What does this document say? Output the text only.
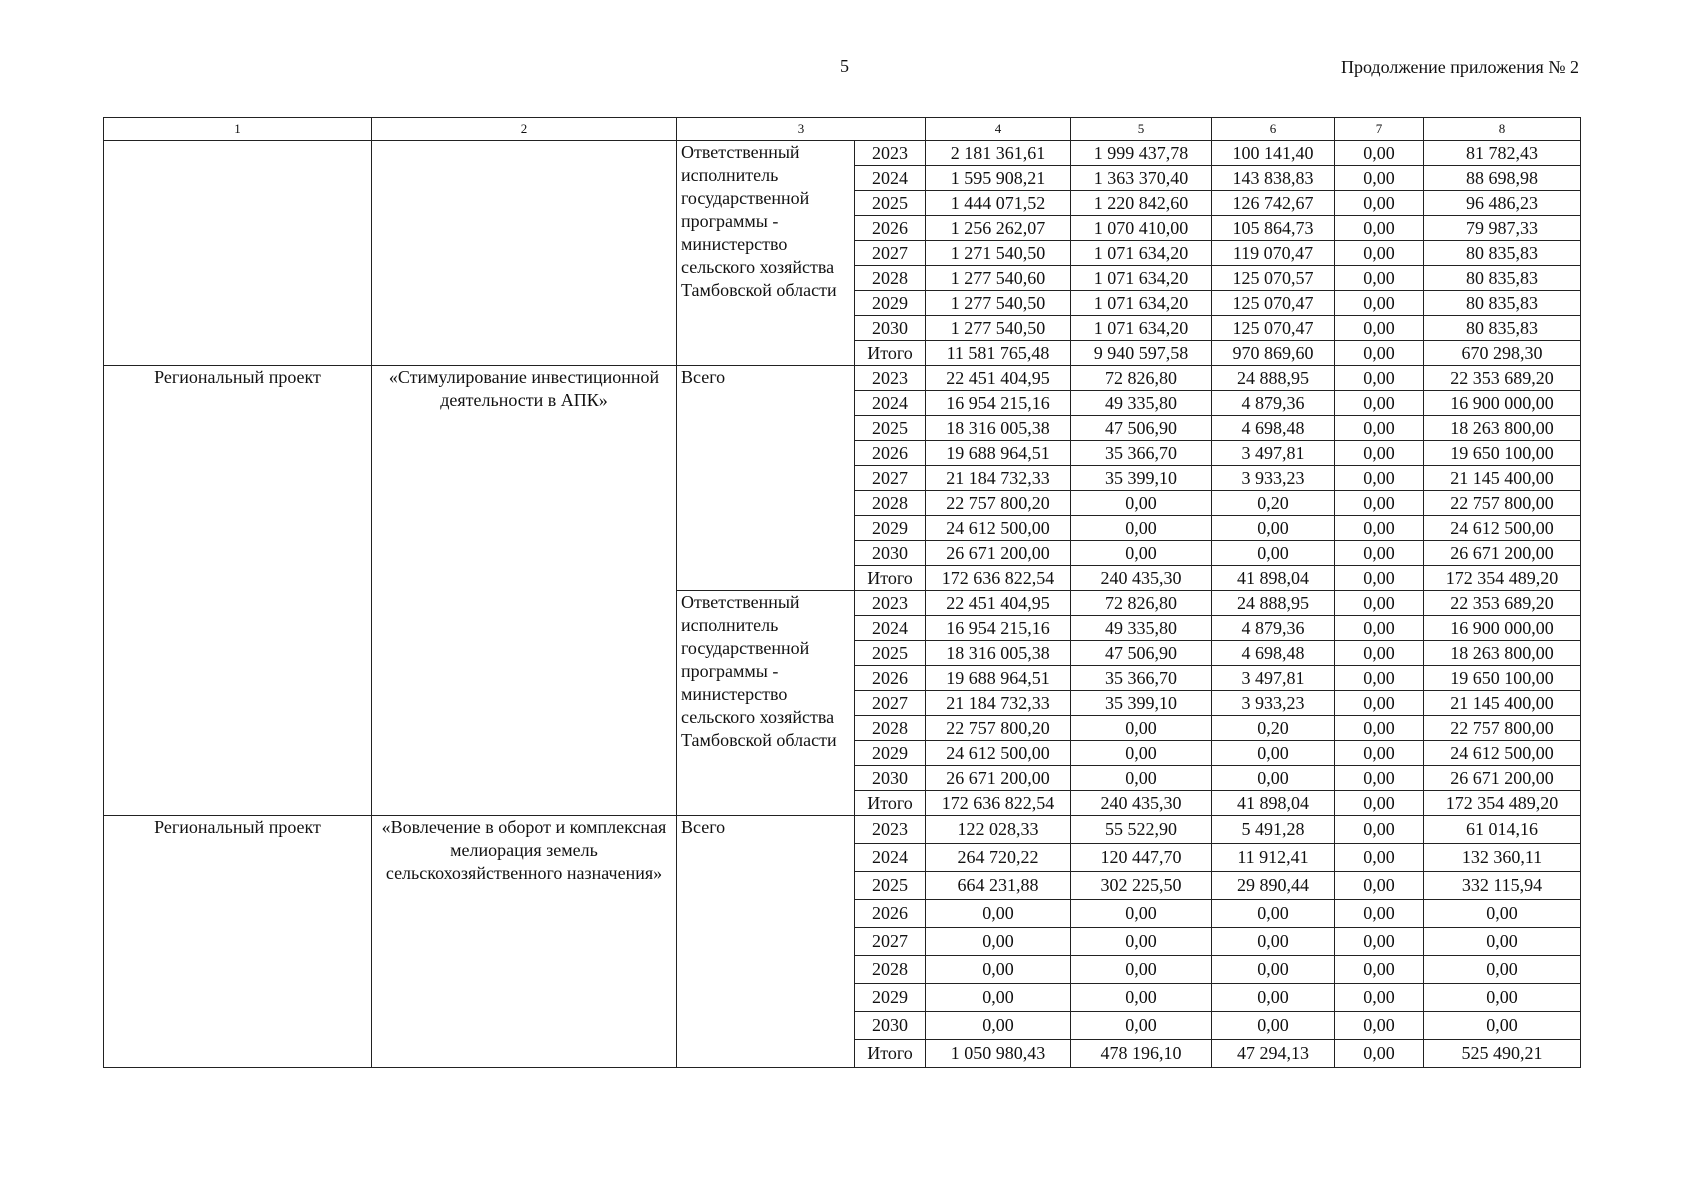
5	Продолжение приложения № 2
1	2	3		4	5	6	7	8
		Ответственный исполнитель государственной программы - министерство сельского хозяйства Тамбовской области	2023	2 181 361,61	1 999 437,78	100 141,40	0,00	81 782,43
			2024	1 595 908,21	1 363 370,40	143 838,83	0,00	88 698,98
			2025	1 444 071,52	1 220 842,60	126 742,67	0,00	96 486,23
			2026	1 256 262,07	1 070 410,00	105 864,73	0,00	79 987,33
			2027	1 271 540,50	1 071 634,20	119 070,47	0,00	80 835,83
			2028	1 277 540,60	1 071 634,20	125 070,57	0,00	80 835,83
			2029	1 277 540,50	1 071 634,20	125 070,47	0,00	80 835,83
			2030	1 277 540,50	1 071 634,20	125 070,47	0,00	80 835,83
			Итого	11 581 765,48	9 940 597,58	970 869,60	0,00	670 298,30
Региональный проект	«Стимулирование инвестиционной деятельности в АПК»	Всего	2023	22 451 404,95	72 826,80	24 888,95	0,00	22 353 689,20
			2024	16 954 215,16	49 335,80	4 879,36	0,00	16 900 000,00
			2025	18 316 005,38	47 506,90	4 698,48	0,00	18 263 800,00
			2026	19 688 964,51	35 366,70	3 497,81	0,00	19 650 100,00
			2027	21 184 732,33	35 399,10	3 933,23	0,00	21 145 400,00
			2028	22 757 800,20	0,00	0,20	0,00	22 757 800,00
			2029	24 612 500,00	0,00	0,00	0,00	24 612 500,00
			2030	26 671 200,00	0,00	0,00	0,00	26 671 200,00
			Итого	172 636 822,54	240 435,30	41 898,04	0,00	172 354 489,20
		Ответственный исполнитель государственной программы - министерство сельского хозяйства Тамбовской области	2023	22 451 404,95	72 826,80	24 888,95	0,00	22 353 689,20
			2024	16 954 215,16	49 335,80	4 879,36	0,00	16 900 000,00
			2025	18 316 005,38	47 506,90	4 698,48	0,00	18 263 800,00
			2026	19 688 964,51	35 366,70	3 497,81	0,00	19 650 100,00
			2027	21 184 732,33	35 399,10	3 933,23	0,00	21 145 400,00
			2028	22 757 800,20	0,00	0,20	0,00	22 757 800,00
			2029	24 612 500,00	0,00	0,00	0,00	24 612 500,00
			2030	26 671 200,00	0,00	0,00	0,00	26 671 200,00
			Итого	172 636 822,54	240 435,30	41 898,04	0,00	172 354 489,20
Региональный проект	«Вовлечение в оборот и комплексная мелиорация земель сельскохозяйственного назначения»	Всего	2023	122 028,33	55 522,90	5 491,28	0,00	61 014,16
			2024	264 720,22	120 447,70	11 912,41	0,00	132 360,11
			2025	664 231,88	302 225,50	29 890,44	0,00	332 115,94
			2026	0,00	0,00	0,00	0,00	0,00
			2027	0,00	0,00	0,00	0,00	0,00
			2028	0,00	0,00	0,00	0,00	0,00
			2029	0,00	0,00	0,00	0,00	0,00
			2030	0,00	0,00	0,00	0,00	0,00
			Итого	1 050 980,43	478 196,10	47 294,13	0,00	525 490,21
